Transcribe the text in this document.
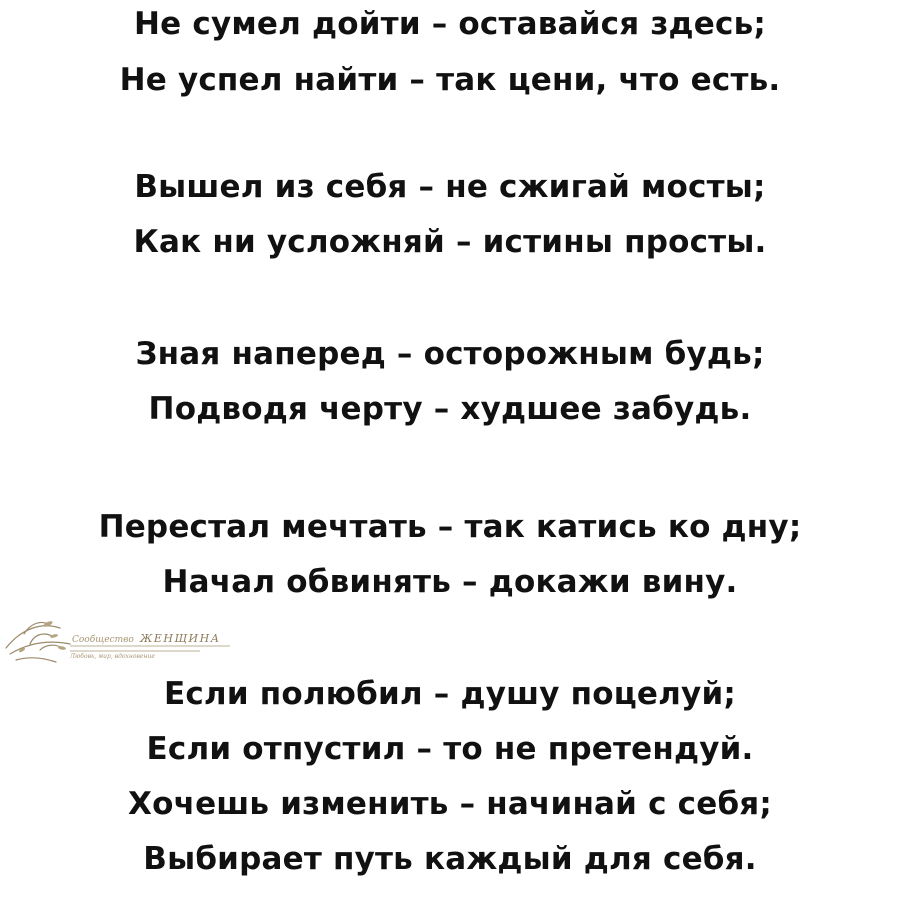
Не сумел дойти – оставайся здесь;
Не успел найти – так цени, что есть.
Вышел из себя – не сжигай мосты;
Как ни усложняй – истины просты.
Зная наперед – осторожным будь;
Подводя черту – худшее забудь.
Перестал мечтать – так катись ко дну;
Начал обвинять – докажи вину.
Если полюбил – душу поцелуй;
Если отпустил – то не претендуй.
Хочешь изменить – начинай с себя;
Выбирает путь каждый для себя.
Сообщество
Любовь, мир, вдохновение
ЖЕНЩИНА
